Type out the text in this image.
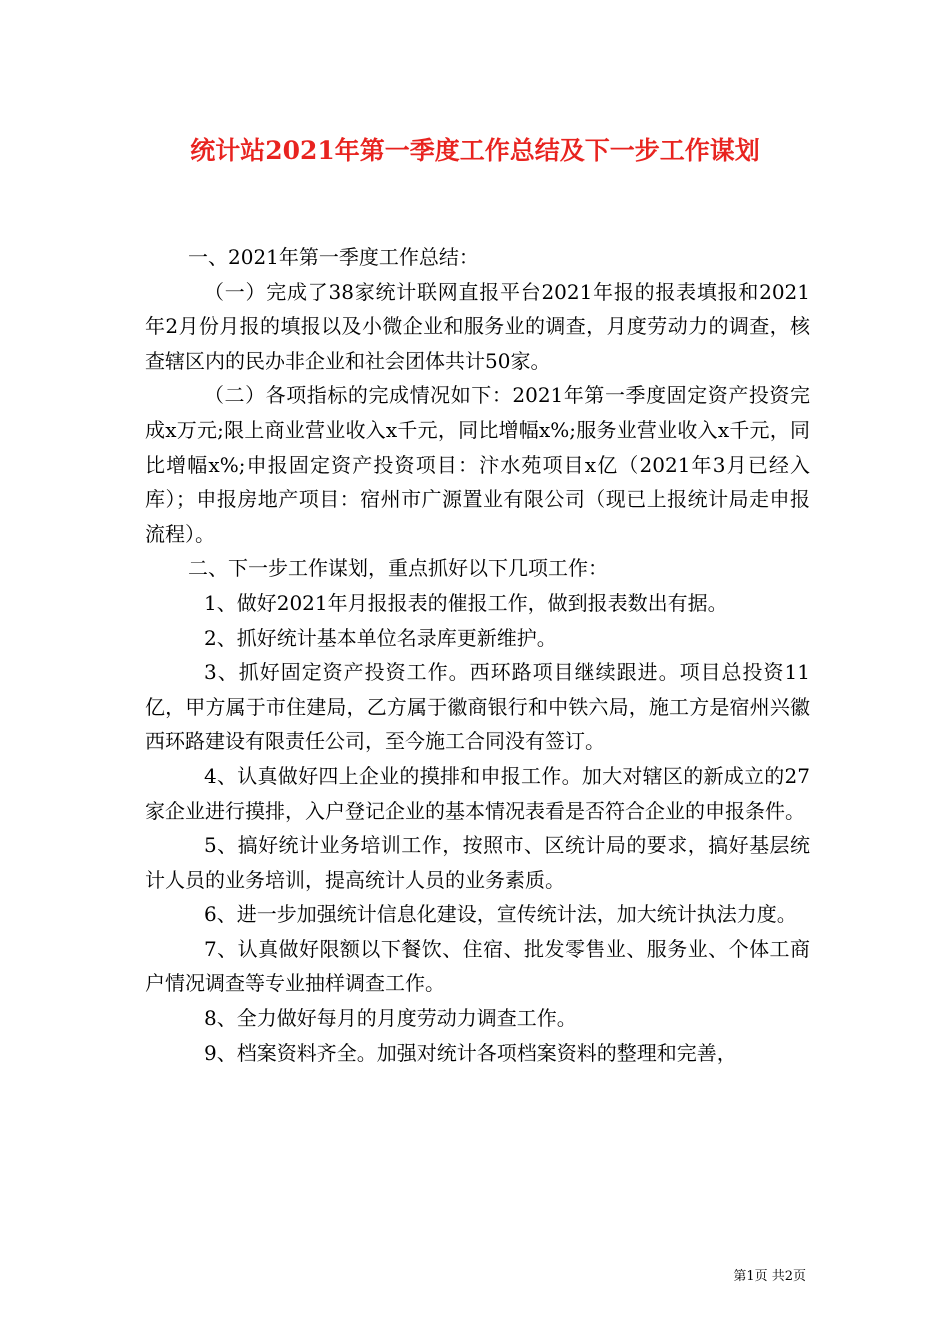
统计站2021年第一季度工作总结及下一步工作谋划

一、2021年第一季度工作总结：

（一）完成了38家统计联网直报平台2021年报的报表填报和2021年2月份月报的填报以及小微企业和服务业的调查，月度劳动力的调查，核查辖区内的民办非企业和社会团体共计50家。

（二）各项指标的完成情况如下：2021年第一季度固定资产投资完成x万元;限上商业营业收入x千元，同比增幅x%;服务业营业收入x千元，同比增幅x%;申报固定资产投资项目：汴水苑项目x亿（2021年3月已经入库）；申报房地产项目：宿州市广源置业有限公司（现已上报统计局走申报流程）。

二、下一步工作谋划，重点抓好以下几项工作：

1、做好2021年月报报表的催报工作，做到报表数出有据。

2、抓好统计基本单位名录库更新维护。

3、抓好固定资产投资工作。西环路项目继续跟进。项目总投资11亿，甲方属于市住建局，乙方属于徽商银行和中铁六局，施工方是宿州兴徽西环路建设有限责任公司，至今施工合同没有签订。

4、认真做好四上企业的摸排和申报工作。加大对辖区的新成立的27家企业进行摸排，入户登记企业的基本情况表看是否符合企业的申报条件。

5、搞好统计业务培训工作，按照市、区统计局的要求，搞好基层统计人员的业务培训，提高统计人员的业务素质。

6、进一步加强统计信息化建设，宣传统计法，加大统计执法力度。

7、认真做好限额以下餐饮、住宿、批发零售业、服务业、个体工商户情况调查等专业抽样调查工作。

8、全力做好每月的月度劳动力调查工作。

9、档案资料齐全。加强对统计各项档案资料的整理和完善，

第1页 共2页
